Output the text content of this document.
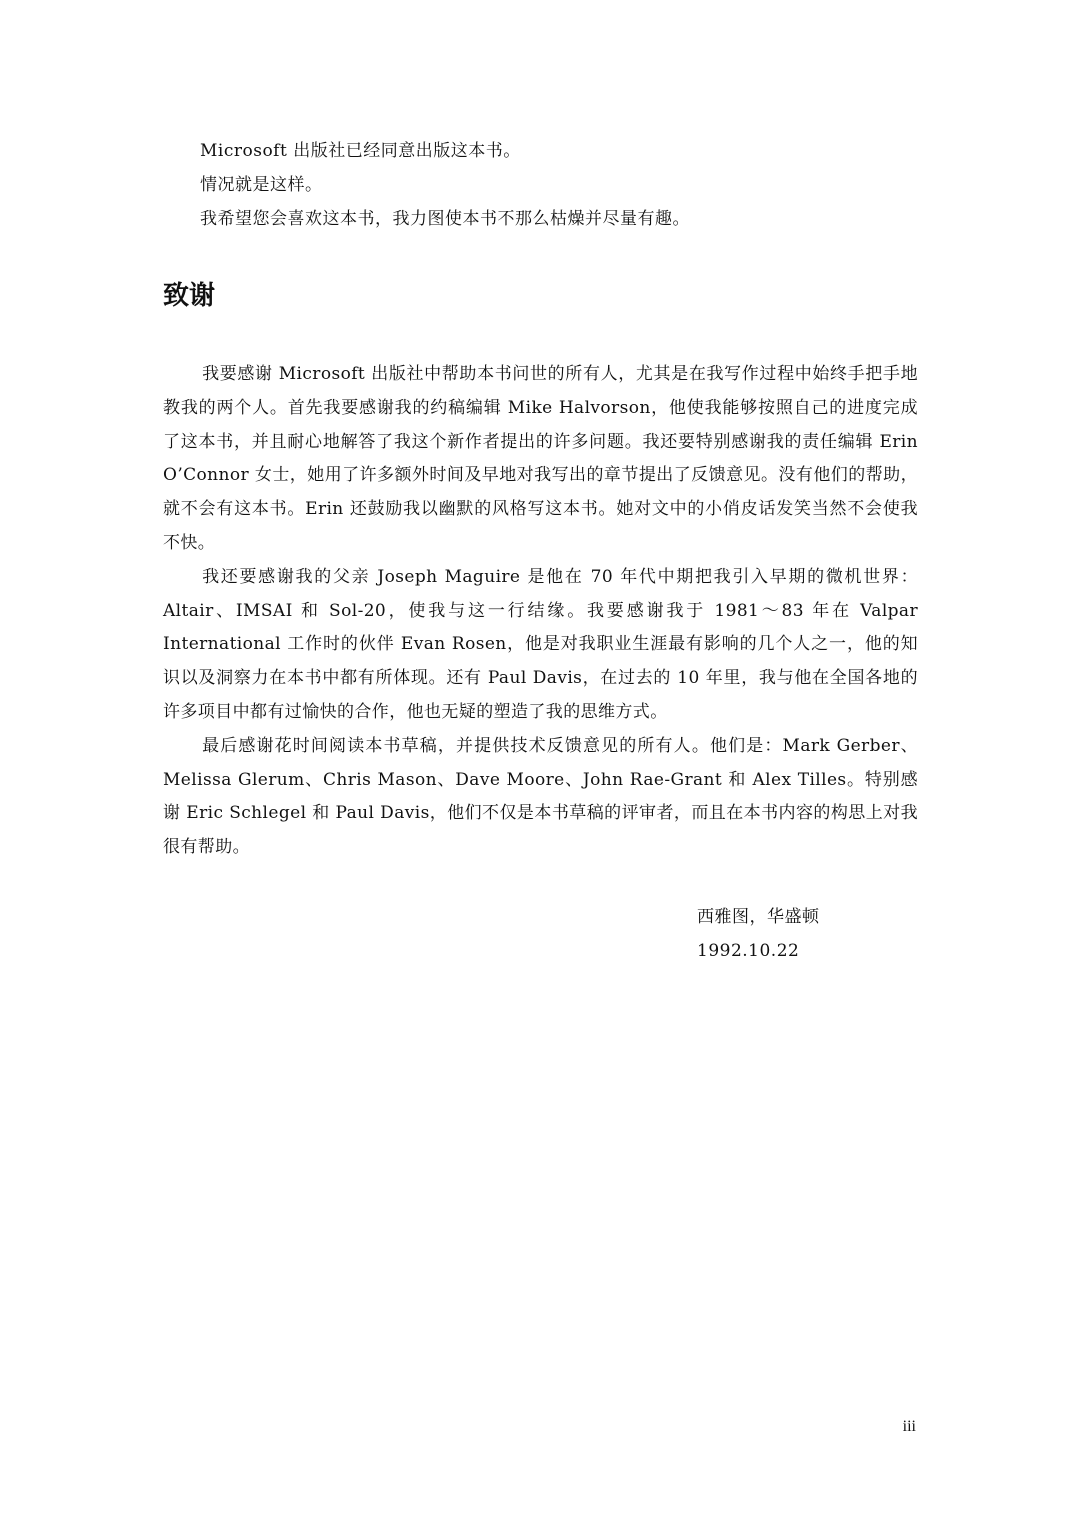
Microsoft 出版社已经同意出版这本书。

情况就是这样。

我希望您会喜欢这本书，我力图使本书不那么枯燥并尽量有趣。

致谢

我要感谢 Microsoft 出版社中帮助本书问世的所有人，尤其是在我写作过程中始终手把手地教我的两个人。首先我要感谢我的约稿编辑 Mike Halvorson，他使我能够按照自己的进度完成了这本书，并且耐心地解答了我这个新作者提出的许多问题。我还要特别感谢我的责任编辑 Erin O’Connor 女士，她用了许多额外时间及早地对我写出的章节提出了反馈意见。没有他们的帮助，就不会有这本书。Erin 还鼓励我以幽默的风格写这本书。她对文中的小俏皮话发笑当然不会使我不快。

我还要感谢我的父亲 Joseph Maguire 是他在 70 年代中期把我引入早期的微机世界：Altair、IMSAI 和 Sol-20，使我与这一行结缘。我要感谢我于 1981～83 年在 Valpar International 工作时的伙伴 Evan Rosen，他是对我职业生涯最有影响的几个人之一，他的知识以及洞察力在本书中都有所体现。还有 Paul Davis，在过去的 10 年里，我与他在全国各地的许多项目中都有过愉快的合作，他也无疑的塑造了我的思维方式。

最后感谢花时间阅读本书草稿，并提供技术反馈意见的所有人。他们是：Mark Gerber、Melissa Glerum、Chris Mason、Dave Moore、John Rae-Grant 和 Alex Tilles。特别感谢 Eric Schlegel 和 Paul Davis，他们不仅是本书草稿的评审者，而且在本书内容的构思上对我很有帮助。

西雅图，华盛顿

1992.10.22

iii
